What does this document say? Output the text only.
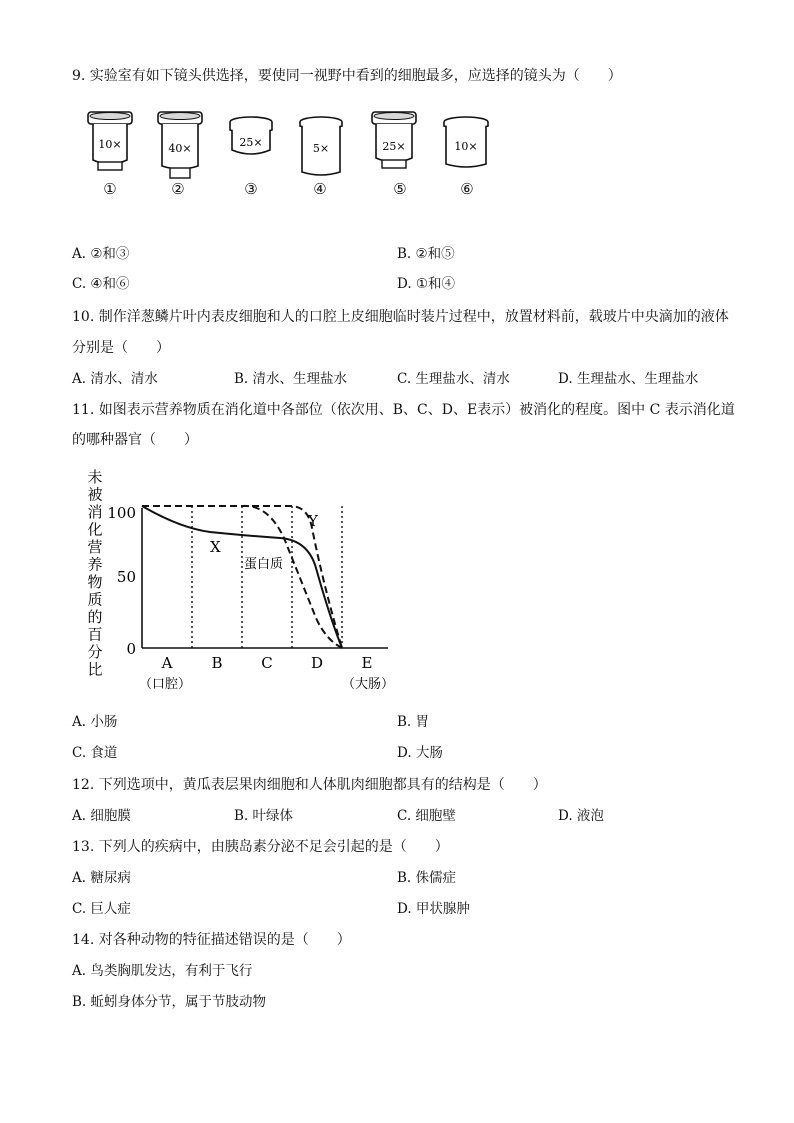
9. 实验室有如下镜头供选择，要使同一视野中看到的细胞最多，应选择的镜头为（　　）
10×
①
40×
②
25×
③
5×
④
25×
⑤
10×
⑥
A. ②和③	B. ②和⑤
C. ④和⑥	D. ①和④
10. 制作洋葱鳞片叶内表皮细胞和人的口腔上皮细胞临时装片过程中，放置材料前，载玻片中央滴加的液体
分别是（　　）
A. 清水、清水	B. 清水、生理盐水	C. 生理盐水、清水	D. 生理盐水、生理盐水
11. 如图表示营养物质在消化道中各部位（依次用、B、C、D、E表示）被消化的程度。图中 C 表示消化道
的哪种器官（　　）
未
被
消
化
营
养
物
质
的
百
分
比
100
50
0
Y
X
蛋白质
A	B	C	D	E
（口腔）	（大肠）
A. 小肠	B. 胃
C. 食道	D. 大肠
12. 下列选项中，黄瓜表层果肉细胞和人体肌肉细胞都具有的结构是（　　）
A. 细胞膜	B. 叶绿体	C. 细胞壁	D. 液泡
13. 下列人的疾病中，由胰岛素分泌不足会引起的是（　　）
A. 糖尿病	B. 侏儒症
C. 巨人症	D. 甲状腺肿
14. 对各种动物的特征描述错误的是（　　）
A. 鸟类胸肌发达，有利于飞行
B. 蚯蚓身体分节，属于节肢动物
